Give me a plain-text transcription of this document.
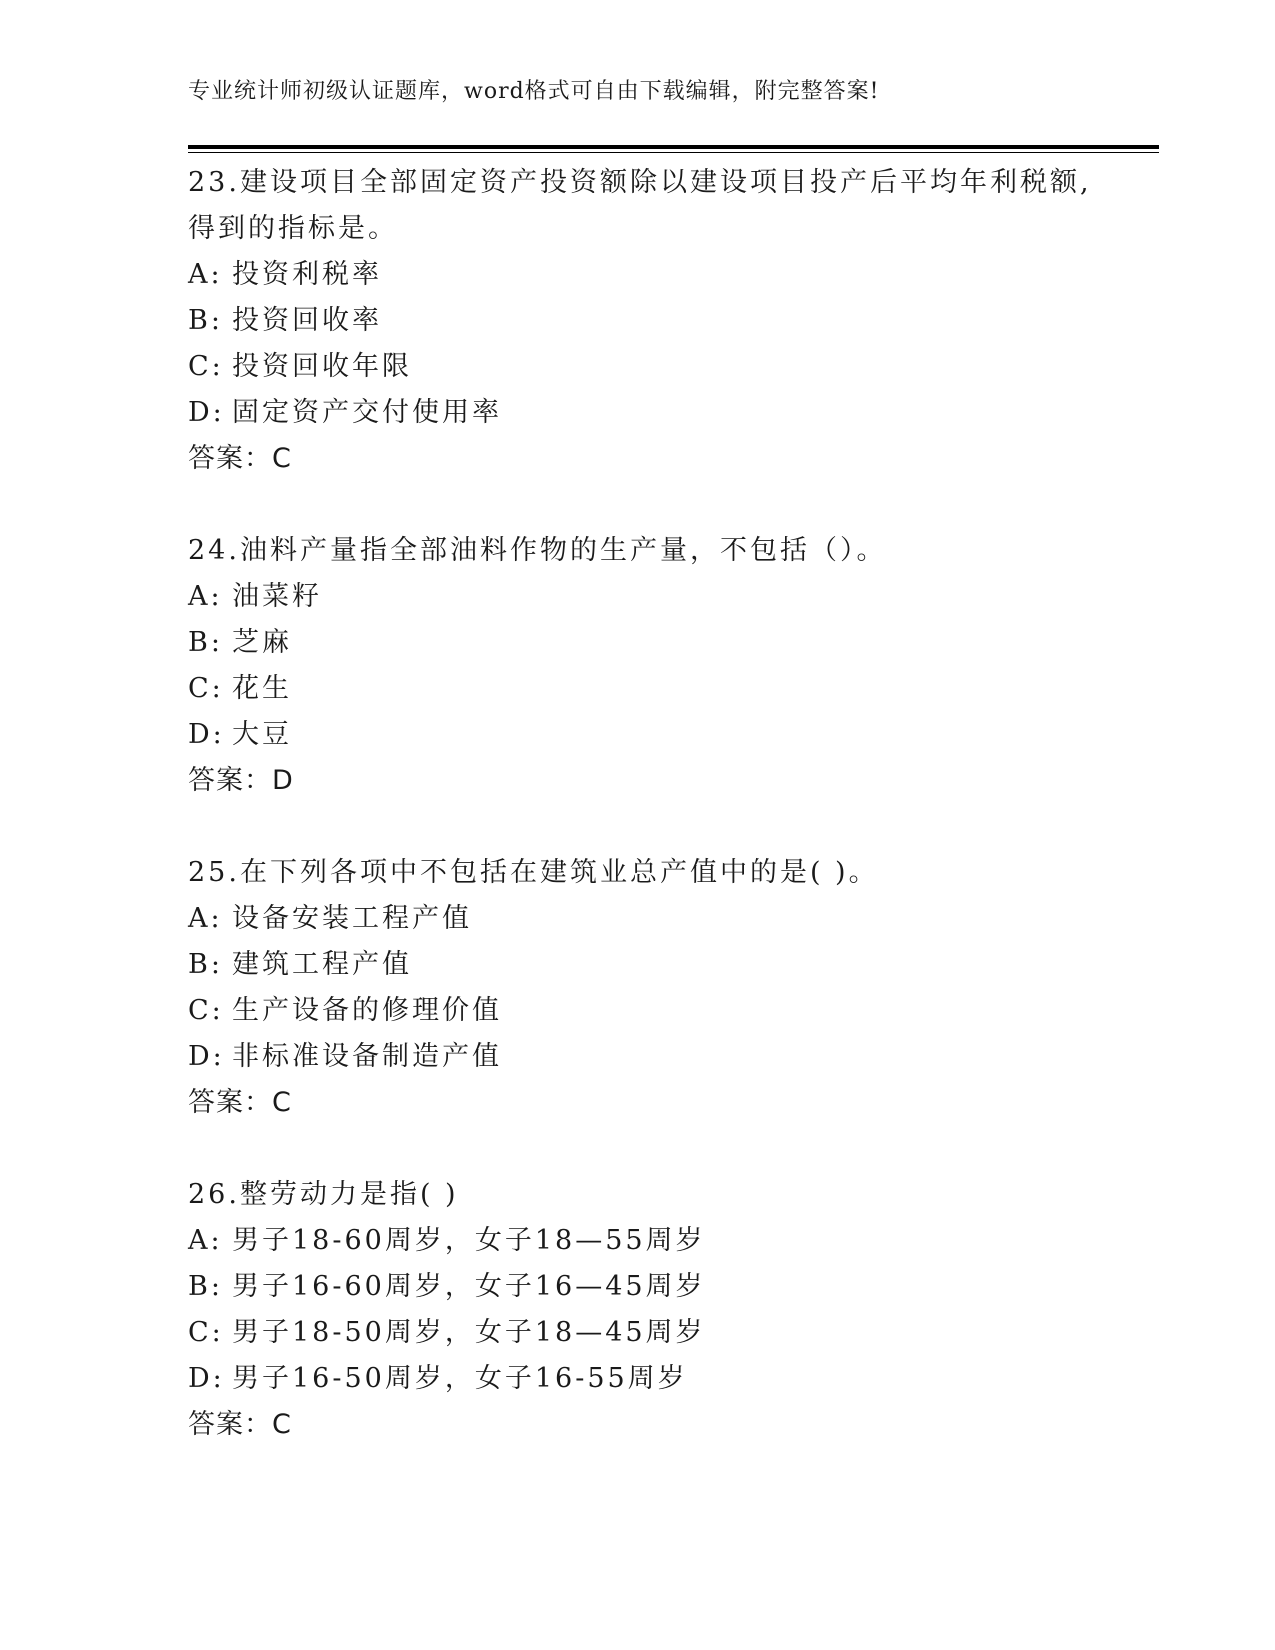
专业统计师初级认证题库，word格式可自由下载编辑，附完整答案!
23.建设项目全部固定资产投资额除以建设项目投产后平均年利税额,
得到的指标是。
A: 投资利税率
B: 投资回收率
C: 投资回收年限
D: 固定资产交付使用率
答案：C
24.油料产量指全部油料作物的生产量，不包括（）。
A: 油菜籽
B: 芝麻
C: 花生
D: 大豆
答案：D
25.在下列各项中不包括在建筑业总产值中的是( )。
A: 设备安装工程产值
B: 建筑工程产值
C: 生产设备的修理价值
D: 非标准设备制造产值
答案：C
26.整劳动力是指( )
A: 男子18-60周岁，女子18—55周岁
B: 男子16-60周岁，女子16—45周岁
C: 男子18-50周岁，女子18—45周岁
D: 男子16-50周岁，女子16-55周岁
答案：C
